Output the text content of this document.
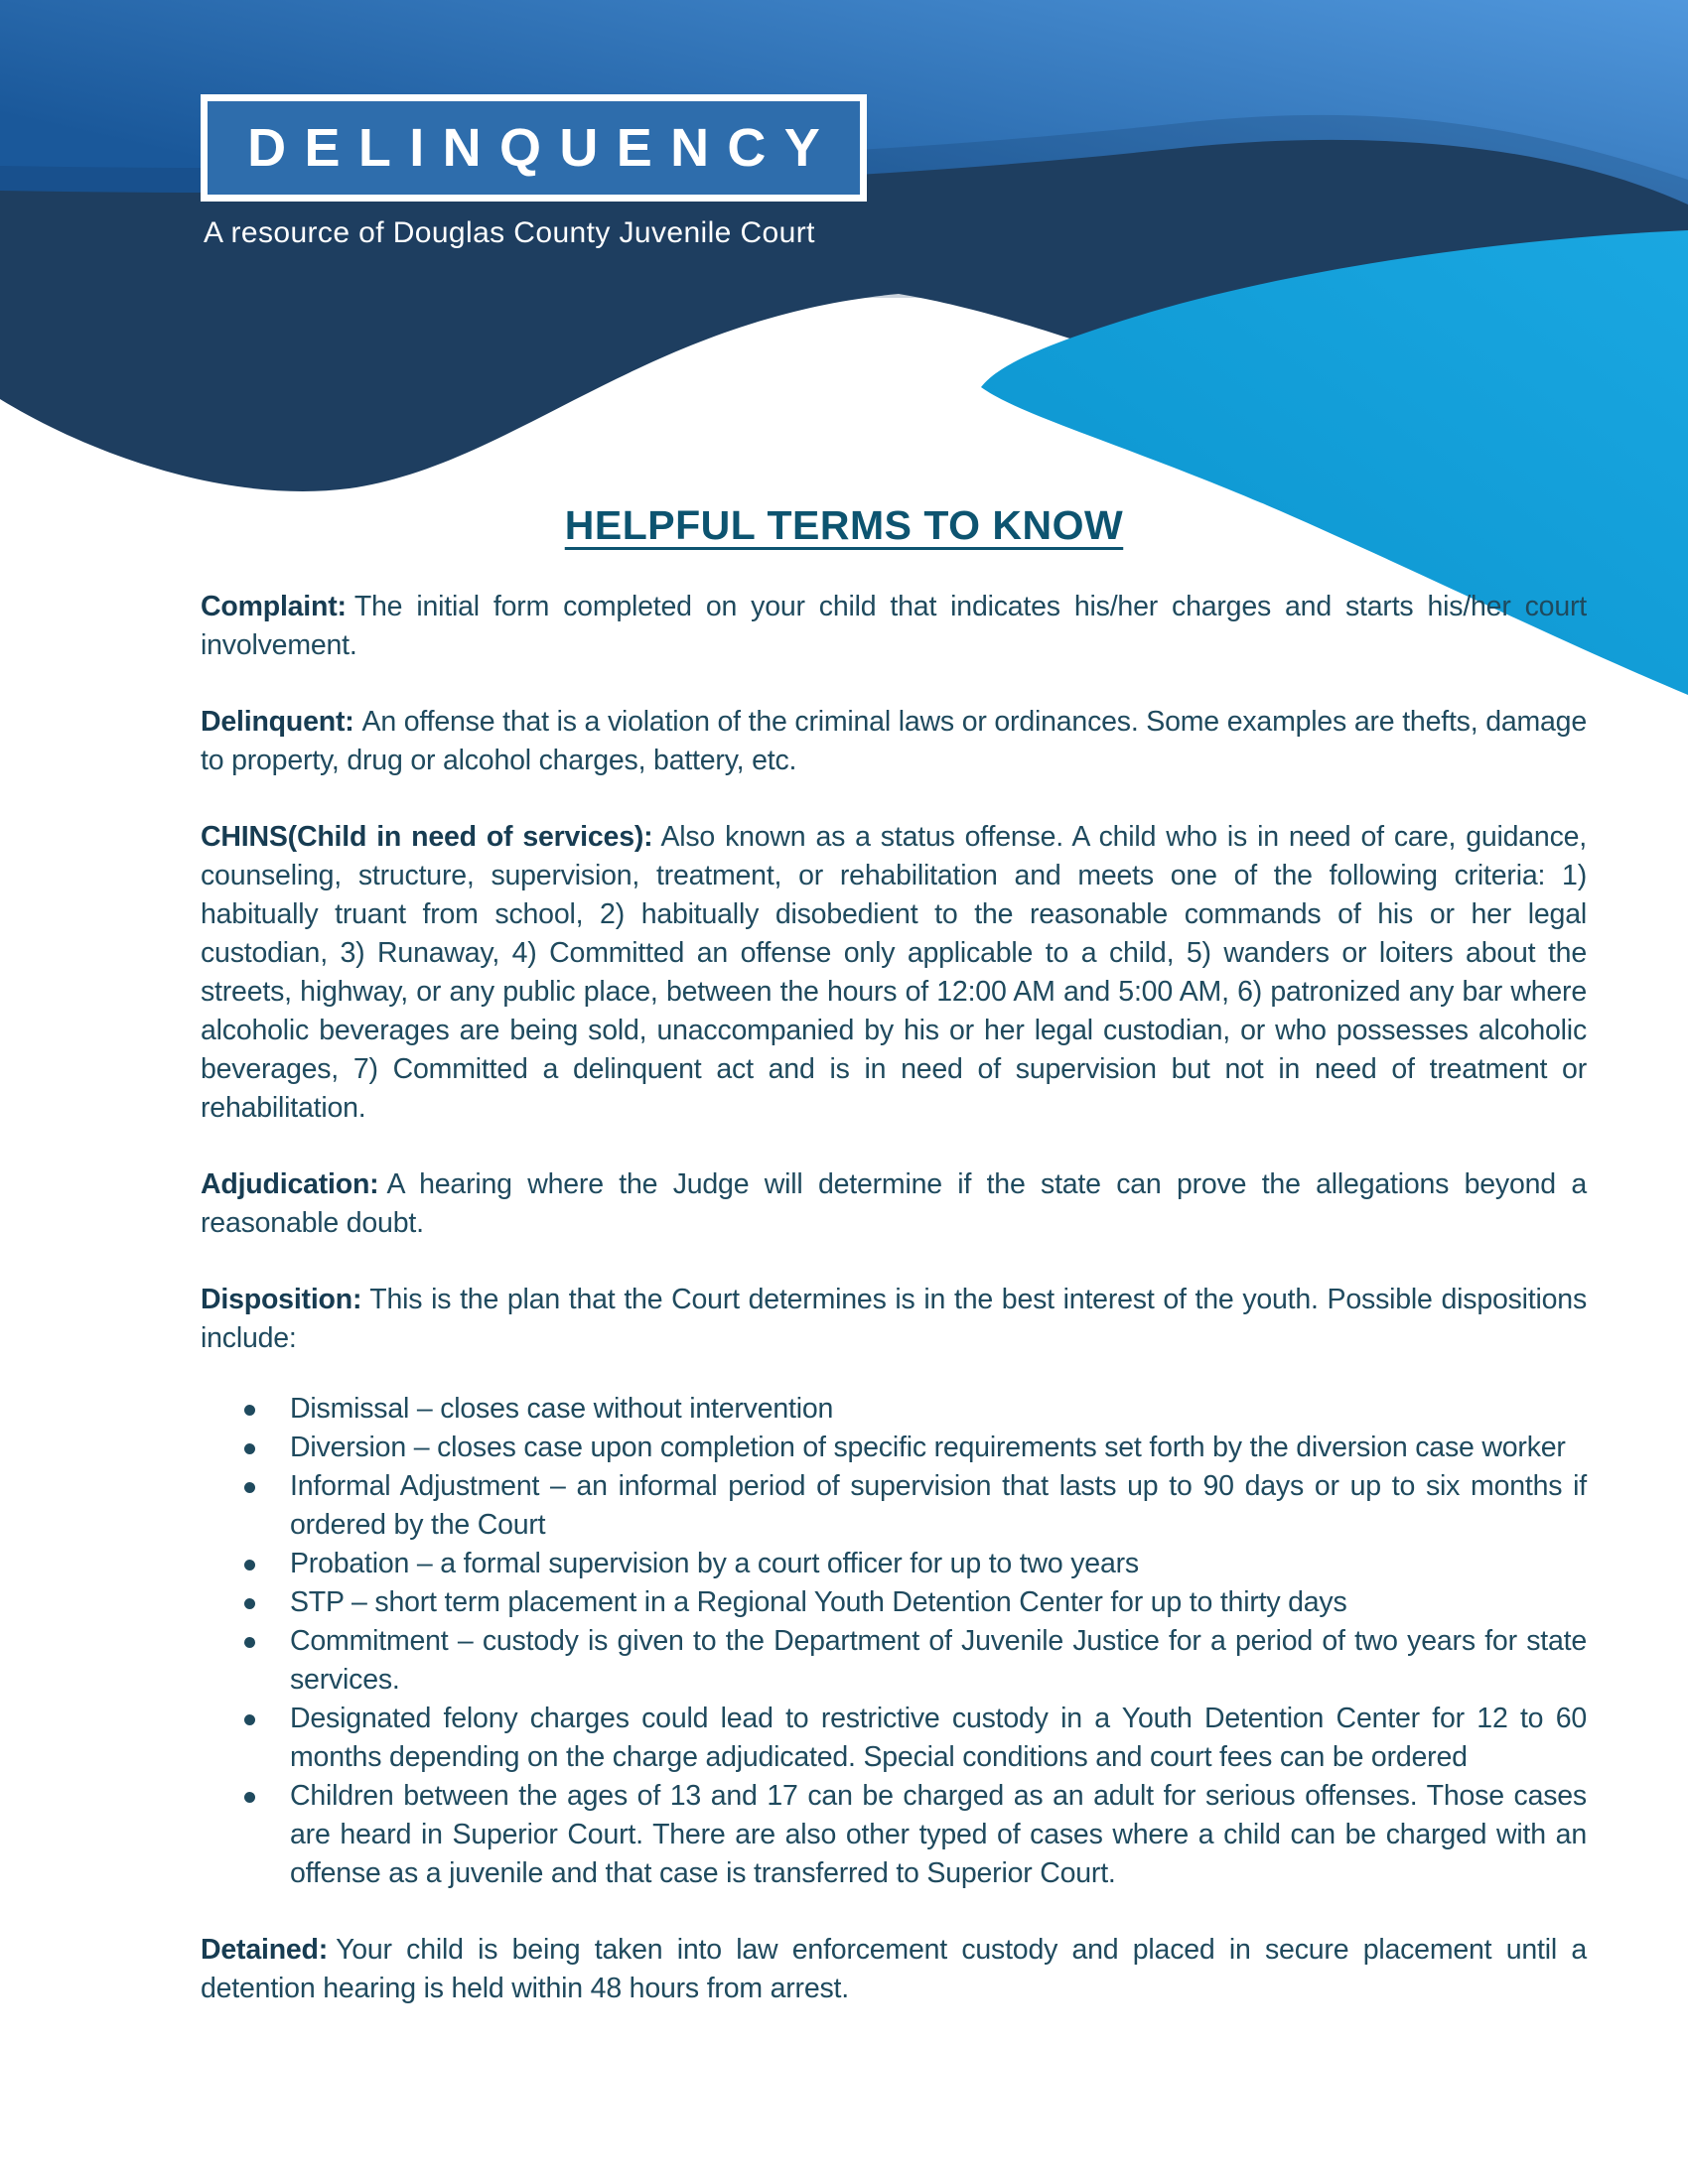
DELINQUENCY
A resource of Douglas County Juvenile Court
HELPFUL TERMS TO KNOW

Complaint: The initial form completed on your child that indicates his/her charges and starts his/her court involvement.

Delinquent: An offense that is a violation of the criminal laws or ordinances. Some examples are thefts, damage to property, drug or alcohol charges, battery, etc.

CHINS(Child in need of services): Also known as a status offense. A child who is in need of care, guidance, counseling, structure, supervision, treatment, or rehabilitation and meets one of the following criteria: 1) habitually truant from school, 2) habitually disobedient to the reasonable commands of his or her legal custodian, 3) Runaway, 4) Committed an offense only applicable to a child, 5) wanders or loiters about the streets, highway, or any public place, between the hours of 12:00 AM and 5:00 AM, 6) patronized any bar where alcoholic beverages are being sold, unaccompanied by his or her legal custodian, or who possesses alcoholic beverages, 7) Committed a delinquent act and is in need of supervision but not in need of treatment or rehabilitation.

Adjudication: A hearing where the Judge will determine if the state can prove the allegations beyond a reasonable doubt.

Disposition: This is the plan that the Court determines is in the best interest of the youth. Possible dispositions include:

Dismissal – closes case without intervention
Diversion – closes case upon completion of specific requirements set forth by the diversion case worker
Informal Adjustment – an informal period of supervision that lasts up to 90 days or up to six months if ordered by the Court
Probation – a formal supervision by a court officer for up to two years
STP – short term placement in a Regional Youth Detention Center for up to thirty days
Commitment – custody is given to the Department of Juvenile Justice for a period of two years for state services.
Designated felony charges could lead to restrictive custody in a Youth Detention Center for 12 to 60 months depending on the charge adjudicated. Special conditions and court fees can be ordered
Children between the ages of 13 and 17 can be charged as an adult for serious offenses. Those cases are heard in Superior Court. There are also other typed of cases where a child can be charged with an offense as a juvenile and that case is transferred to Superior Court.

Detained: Your child is being taken into law enforcement custody and placed in secure placement until a detention hearing is held within 48 hours from arrest.
